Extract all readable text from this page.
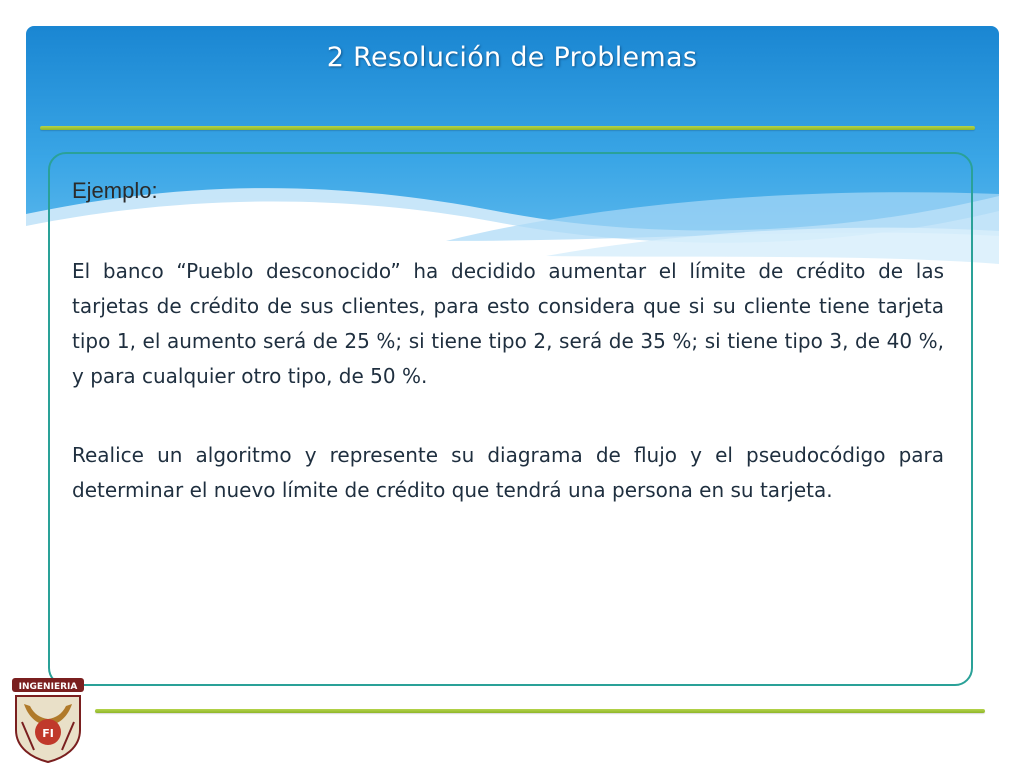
2 Resolución de Problemas
Ejemplo:

El banco “Pueblo desconocido” ha decidido aumentar el límite de crédito de las tarjetas de crédito de sus clientes, para esto considera que si su cliente tiene tarjeta tipo 1, el aumento será de 25 %; si tiene tipo 2, será de 35 %; si tiene tipo 3, de 40 %, y para cualquier otro tipo, de 50 %.

Realice un algoritmo y represente su diagrama de flujo y el pseudocódigo para determinar el nuevo límite de crédito que tendrá una persona en su tarjeta.

INGENIERIA
FI
